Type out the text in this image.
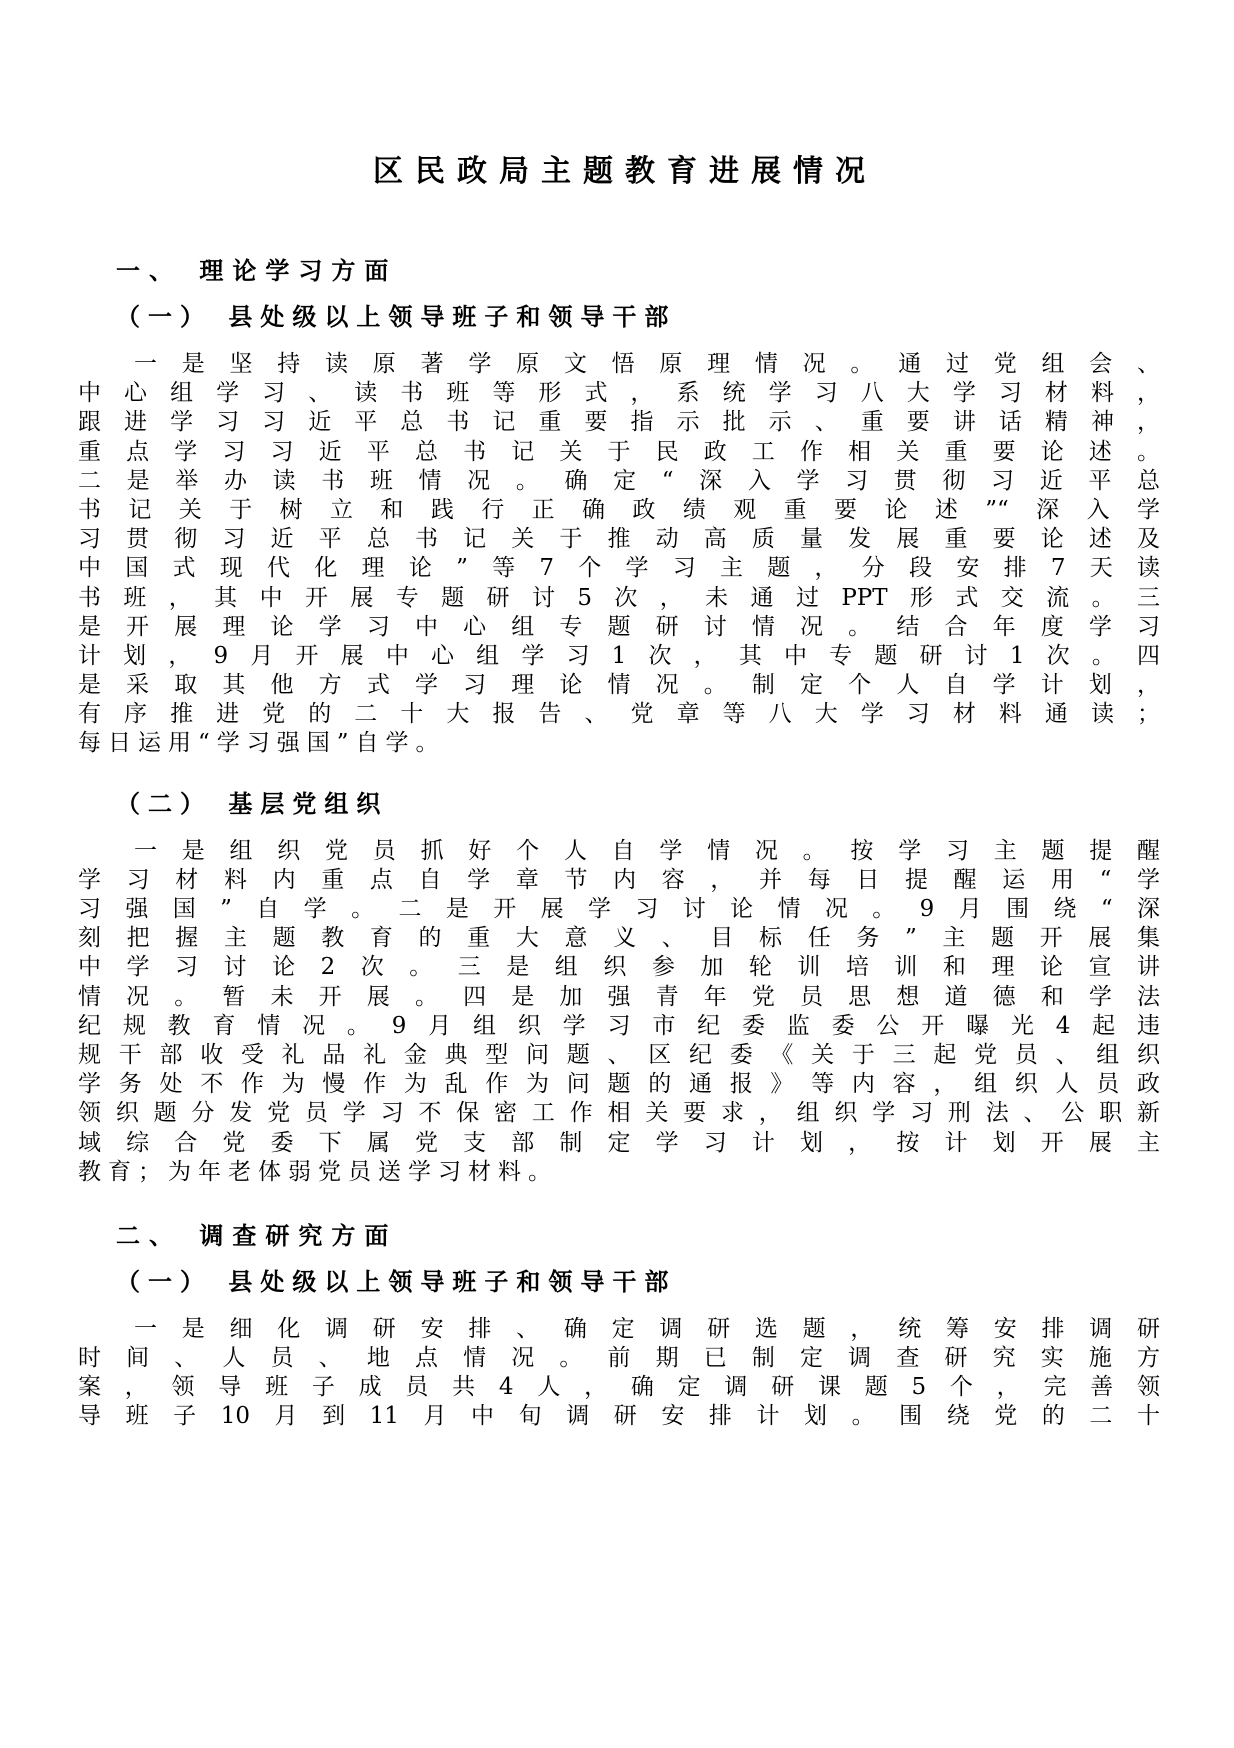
区民政局主题教育进展情况
一、 理论学习方面
（一） 县处级以上领导班子和领导干部
一是坚持读原著学原文悟原理情况。通过党组会、
中心组学习、读书班等形式，系统学习八大学习材料，
跟进学习习近平总书记重要指示批示、重要讲话精神，
重点学习习近平总书记关于民政工作相关重要论述。
二是举办读书班情况。确定“深入学习贯彻习近平总
书记关于树立和践行正确政绩观重要论述”“深入学
习贯彻习近平总书记关于推动高质量发展重要论述及
中国式现代化理论”等7个学习主题，分段安排7天读
书班，其中开展专题研讨5次，未通过PPT形式交流。三
是开展理论学习中心组专题研讨情况。结合年度学习
计划，9月开展中心组学习1次，其中专题研讨1次。四
是采取其他方式学习理论情况。制定个人自学计划，
有序推进党的二十大报告、党章等八大学习材料通读；
每日运用“学习强国”自学。
（二） 基层党组织
一是组织党员抓好个人自学情况。按学习主题提醒
学习材料内重点自学章节内容，并每日提醒运用“学
习强国”自学。二是开展学习讨论情况。9月围绕“深
刻把握主题教育的重大意义、目标任务”主题开展集
中学习讨论2次。三是组织参加轮训培训和理论宣讲
情况。暂未开展。四是加强青年党员思想道德和学法
纪规教育情况。9月组织学习市纪委监委公开曝光4起违
规干部收受礼品礼金典型问题、区纪委《关于三起党员、组织
学务处不作为慢作为乱作为问题的通报》等内容，组织人员政
领织题分发党员学习不保密工作相关要求，组织学习刑法、公职新
域综合党委下属党支部制定学习计划，按计划开展主
教育；为年老体弱党员送学习材料。
二、 调查研究方面
（一） 县处级以上领导班子和领导干部
一是细化调研安排、确定调研选题，统筹安排调研
时间、人员、地点情况。前期已制定调查研究实施方
案，领导班子成员共4人，确定调研课题5个，完善领
导班子10月到11月中旬调研安排计划。围绕党的二十
